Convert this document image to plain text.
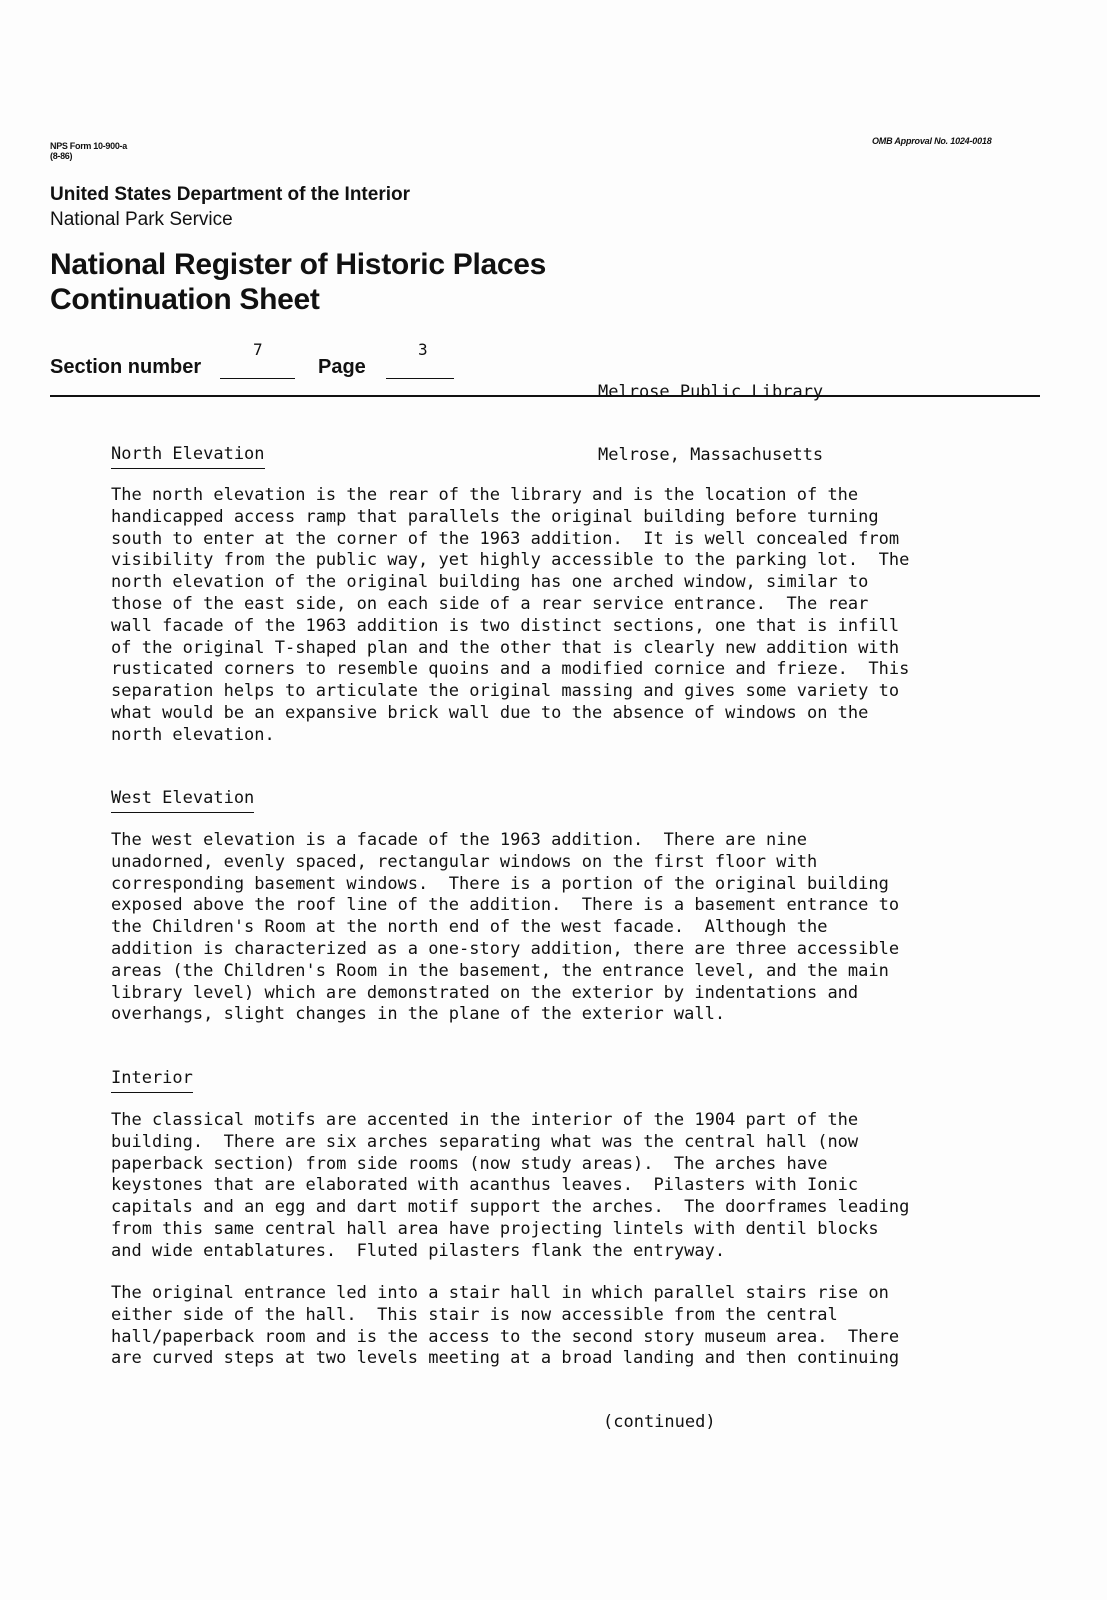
NPS Form 10-900-a
(8-86)
OMB Approval No. 1024-0018
United States Department of the Interior
National Park Service
National Register of Historic Places
Continuation Sheet
Section number
7
Page
3

Melrose Public Library

Melrose, Massachusetts

North Elevation
The north elevation is the rear of the library and is the location of the
handicapped access ramp that parallels the original building before turning
south to enter at the corner of the 1963 addition.  It is well concealed from
visibility from the public way, yet highly accessible to the parking lot.  The
north elevation of the original building has one arched window, similar to
those of the east side, on each side of a rear service entrance.  The rear
wall facade of the 1963 addition is two distinct sections, one that is infill
of the original T-shaped plan and the other that is clearly new addition with
rusticated corners to resemble quoins and a modified cornice and frieze.  This
separation helps to articulate the original massing and gives some variety to
what would be an expansive brick wall due to the absence of windows on the
north elevation.
West Elevation
The west elevation is a facade of the 1963 addition.  There are nine
unadorned, evenly spaced, rectangular windows on the first floor with
corresponding basement windows.  There is a portion of the original building
exposed above the roof line of the addition.  There is a basement entrance to
the Children's Room at the north end of the west facade.  Although the
addition is characterized as a one-story addition, there are three accessible
areas (the Children's Room in the basement, the entrance level, and the main
library level) which are demonstrated on the exterior by indentations and
overhangs, slight changes in the plane of the exterior wall.
Interior
The classical motifs are accented in the interior of the 1904 part of the
building.  There are six arches separating what was the central hall (now
paperback section) from side rooms (now study areas).  The arches have
keystones that are elaborated with acanthus leaves.  Pilasters with Ionic
capitals and an egg and dart motif support the arches.  The doorframes leading
from this same central hall area have projecting lintels with dentil blocks
and wide entablatures.  Fluted pilasters flank the entryway.
The original entrance led into a stair hall in which parallel stairs rise on
either side of the hall.  This stair is now accessible from the central
hall/paperback room and is the access to the second story museum area.  There
are curved steps at two levels meeting at a broad landing and then continuing
(continued)
